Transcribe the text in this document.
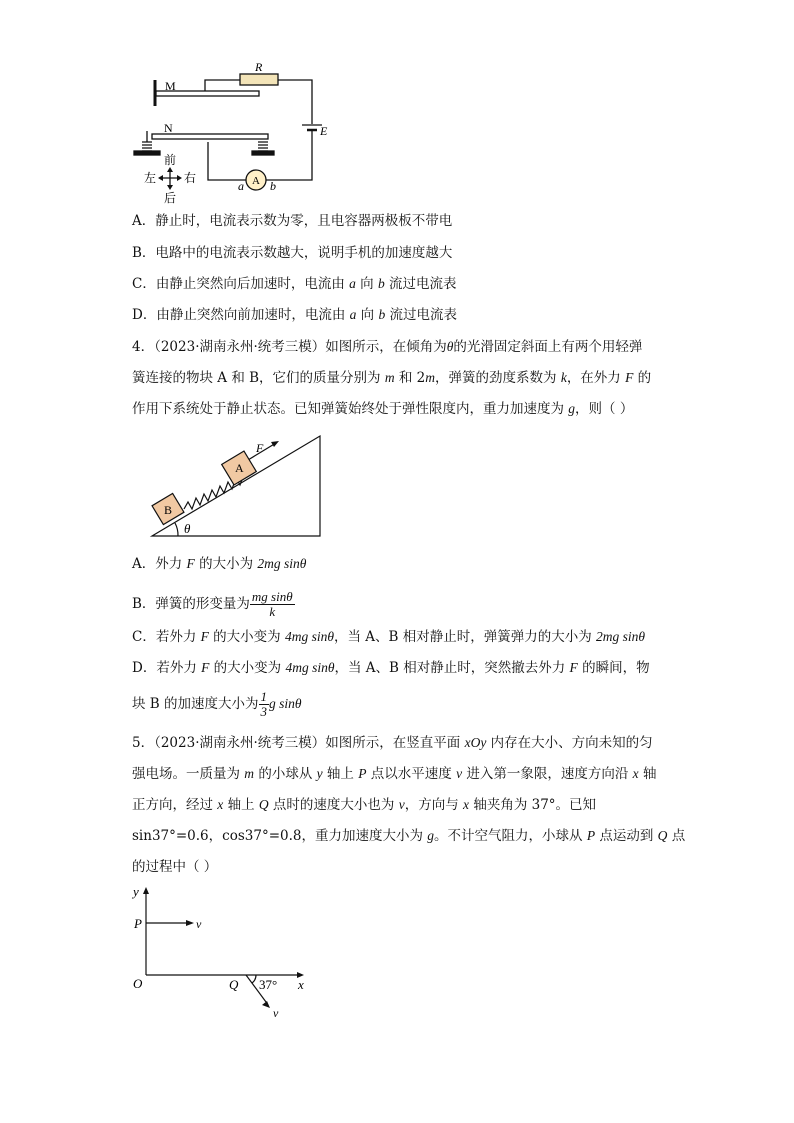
M
N
R
E
A
a b
前
后
左 右
A．静止时，电流表示数为零，且电容器两极板不带电
B．电路中的电流表示数越大，说明手机的加速度越大
C．由静止突然向后加速时，电流由 a 向 b 流过电流表
D．由静止突然向前加速时，电流由 a 向 b 流过电流表
4．（2023·湖南永州·统考三模）如图所示，在倾角为θ的光滑固定斜面上有两个用轻弹
簧连接的物块 A 和 B，它们的质量分别为 m 和 2m，弹簧的劲度系数为 k，在外力 F 的
作用下系统处于静止状态。已知弹簧始终处于弹性限度内，重力加速度为 g，则（ ）
B
A
F
θ
A．外力 F 的大小为 2mg sinθ
B．弹簧的形变量为 $\frac{\text{mg sinθ}}{k}$
C．若外力 F 的大小变为 4mg sinθ，当 A、B 相对静止时，弹簧弹力的大小为 2mg sinθ
D．若外力 F 的大小变为 4mg sinθ，当 A、B 相对静止时，突然撤去外力 F 的瞬间，物
块 B 的加速度大小为 $\frac{1}{3}$ g sinθ
5．（2023·湖南永州·统考三模）如图所示，在竖直平面 xOy 内存在大小、方向未知的匀
强电场。一质量为 m 的小球从 y 轴上 P 点以水平速度 v 进入第一象限，速度方向沿 x 轴
正方向，经过 x 轴上 Q 点时的速度大小也为 v，方向与 x 轴夹角为 37°。已知
sin37°=0.6，cos37°=0.8，重力加速度大小为 g。不计空气阻力，小球从 P 点运动到 Q 点
的过程中（ ）
y
x
O
P
Q
v
v
37°
